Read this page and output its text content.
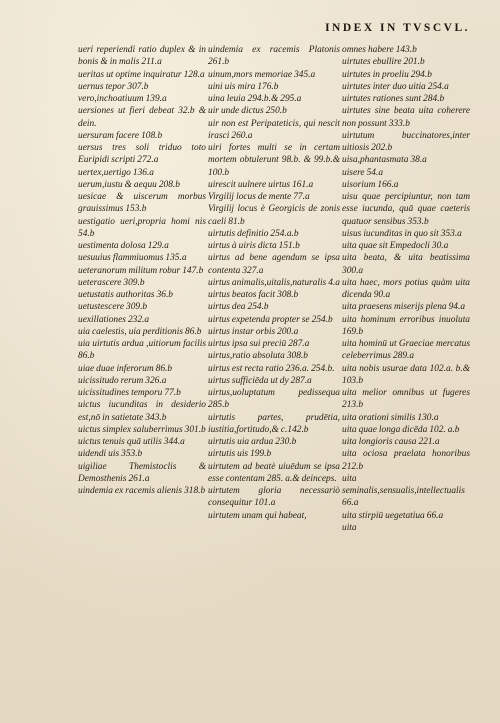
INDEX IN TVSCVL.
ueri reperiendi ratio duplex & in bonis & in malis 211.a
ueritas ut optime inquiratur 128.a
uernus tepor 307.b
vero,inchoatiuum 139.a
uersiones ut fieri debeat 32.b & dein.
uersuram facere 108.b
uersus tres soli triduo toto Euripidi scripti 272.a
uertex,uertigo 136.a
uerum,iustu & aequu 208.b
uesicae & uiscerum morbus grauissimus 153.b
uestigatio ueri,propria homi nis 54.b
uestimenta dolosa 129.a
uesuuius flammiuomus 135.a
ueteranorum militum robur 147.b
ueterascere 309.b
uetustatis authoritas 36.b
uetustescere 309.b
uexillationes 232.a
uia caelestis, uia perditionis 86.b
uia uirtutis ardua ,uitiorum facilis 86.b
uiae duae inferorum 86.b
uicissitudo rerum 326.a
uicissitudines temporu 77.b
uictus iucunditas in desiderio est,nō in satietate 343.b
uictus simplex saluberrimus 301.b
uictus tenuis quā utilis 344.a
uidendi uis 353.b
uigiliae Themistoclis & Demosthenis 261.a
uindemia ex racemis alienis 318.b
uindemia ex racemis Platonis 261.b
uinum,mors memoriae 345.a
uini uis mira 176.b
uina leuia 294.b.& 295.a
uir unde dictus 250.b
uir non est Peripateticis, qui nescit irasci 260.a
uiri fortes multi se in certam mortem obtulerunt 98.b. & 99.b.& 100.b
uirescit uulnere uirtus 161.a
Virgilij locus de mente 77.a
Virgilij locus è Georgicis de zonis caeli 81.b
uirtutis definitio 254.a.b
uirtus à uiris dicta 151.b
uirtus ad bene agendum se ipsa contenta 327.a
uirtus animalis,uitalis,naturalis 4.a
uirtus beatos facit 308.b
uirtus dea 254.b
uirtus expetenda propter se 254.b
uirtus instar orbis 200.a
uirtus ipsa sui preciū 287.a
uirtus,ratio absoluta 308.b
uirtus est recta ratio 236.a. 254.b.
uirtus sufficiēda ut dy 287.a
uirtus,uoluptatum pedissequa 285.b
uirtutis partes, prudētia, iustitia,fortitudo,& c.142.b
uirtutis uia ardua 230.b
uirtutis uis 199.b
uirtutem ad beatè uiuēdum se ipsa esse contentam 285. a.& deinceps.
uirtutem gloria necessariò consequitur 101.a
uirtutem unam qui habeat,
omnes habere 143.b
uirtutes ebullire 201.b
uirtutes in proeliu 294.b
uirtutes inter duo uitia 254.a
uirtutes rationes sunt 284.b
uirtutes sine beata uita coherere non possunt 333.b
uirtutum buccinatores,inter uitiosis 202.b
uisa,phantasmata 38.a
uisere 54.a
uisorium 166.a
uisu quae percipiuntur, non tam esse iucunda, quā quae caeteris quatuor sensibus 353.b
uisus iucunditas in quo sit 353.a
uita quae sit Empedocli 30.a
uita beata, & uita beatissima 300.a
uita haec, mors potius quàm uita dicenda 90.a
uita praesens miserijs plena 94.a
uita hominum erroribus inuoluta 169.b
uita hominū ut Graeciae mercatus celeberrimus 289.a
uita nobis usurae data 102.a. b.& 103.b
uita melior omnibus ut fugeres 213.b
uita orationi similis 130.a
uita quae longa dicēda 102. a.b
uita longioris causa 221.a
uita ociosa praelata honoribus 212.b
uita seminalis,sensualis,intellectualis 66.a
uita stirpiū uegetatiua 66.a
uita
